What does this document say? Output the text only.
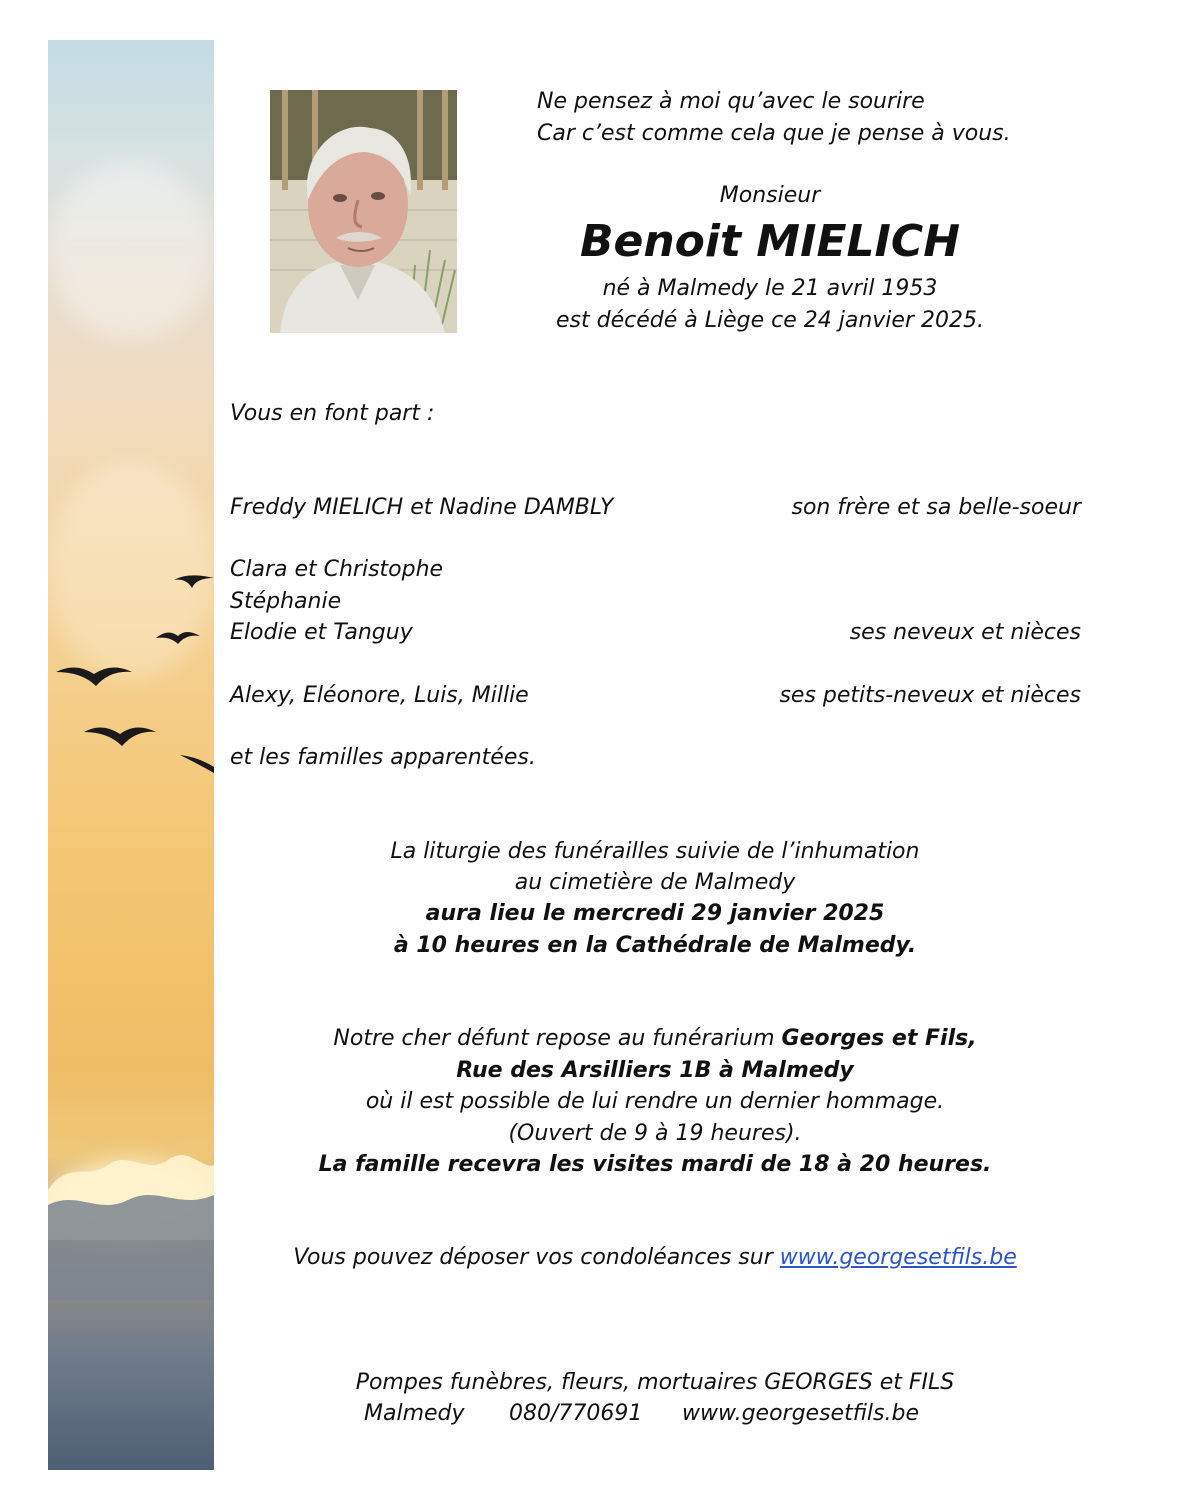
Ne pensez à moi qu’avec le sourire
Car c’est comme cela que je pense à vous.
Monsieur
Benoit MIELICH
né à Malmedy le 21 avril 1953
est décédé à Liège ce 24 janvier 2025.
Vous en font part :
Freddy MIELICH et Nadine DAMBLY	son frère et sa belle-soeur
Clara et Christophe
Stéphanie
Elodie et Tanguy	ses neveux et nièces
Alexy, Eléonore, Luis, Millie	ses petits-neveux et nièces
et les familles apparentées.
La liturgie des funérailles suivie de l’inhumation
au cimetière de Malmedy
aura lieu le mercredi 29 janvier 2025
à 10 heures en la Cathédrale de Malmedy.
Notre cher défunt repose au funérarium Georges et Fils,
Rue des Arsilliers 1B à Malmedy
où il est possible de lui rendre un dernier hommage.
(Ouvert de 9 à 19 heures).
La famille recevra les visites mardi de 18 à 20 heures.
Vous pouvez déposer vos condoléances sur www.georgesetfils.be
Pompes funèbres, fleurs, mortuaires GEORGES et FILS
Malmedy 080/770691 www.georgesetfils.be
